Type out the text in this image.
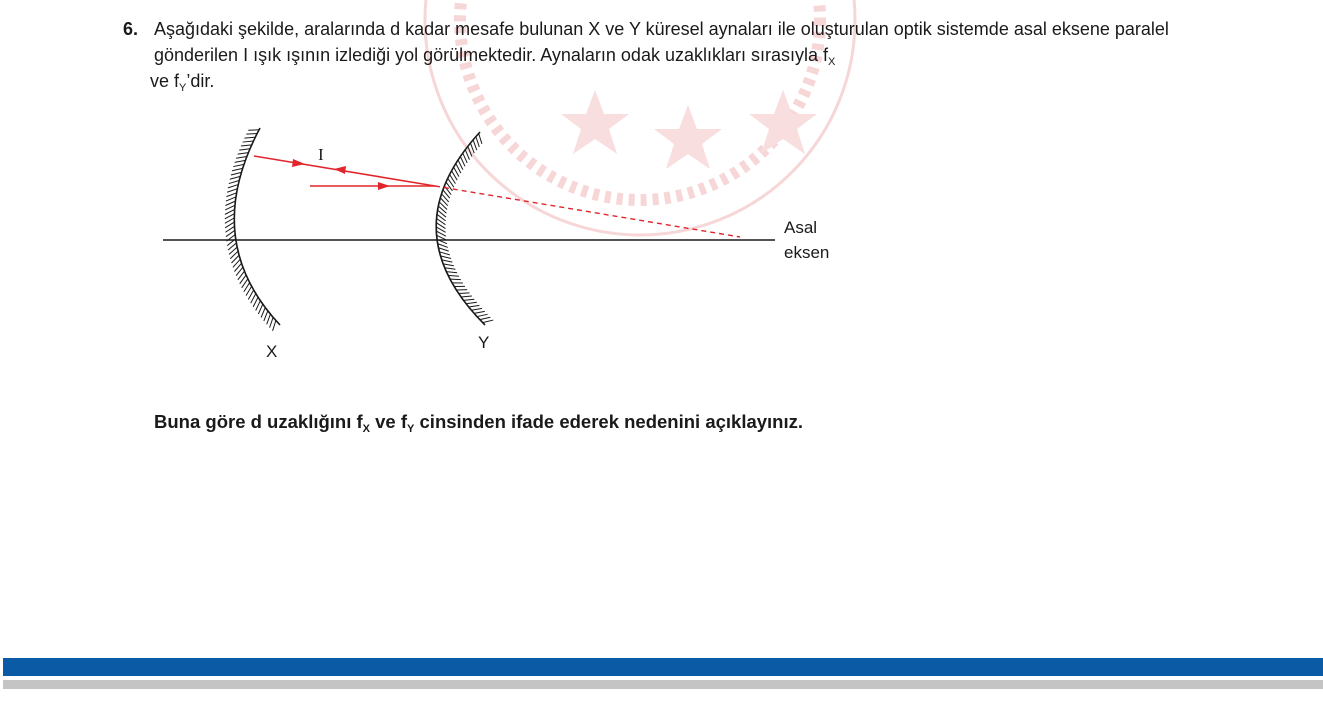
6. Aşağıdaki şekilde, aralarında d kadar mesafe bulunan X ve Y küresel aynaları ile oluşturulan optik sistemde asal eksene paralel gönderilen I ışık ışının izlediği yol görülmektedir. Aynaların odak uzaklıkları sırasıyla $f_X$
ve $f_Y’dir$.
I
X	Y
Asal
eksen
Buna göre d uzaklığını $f_X$ ve $f_Y$ cinsinden ifade ederek nedenini açıklayınız.
